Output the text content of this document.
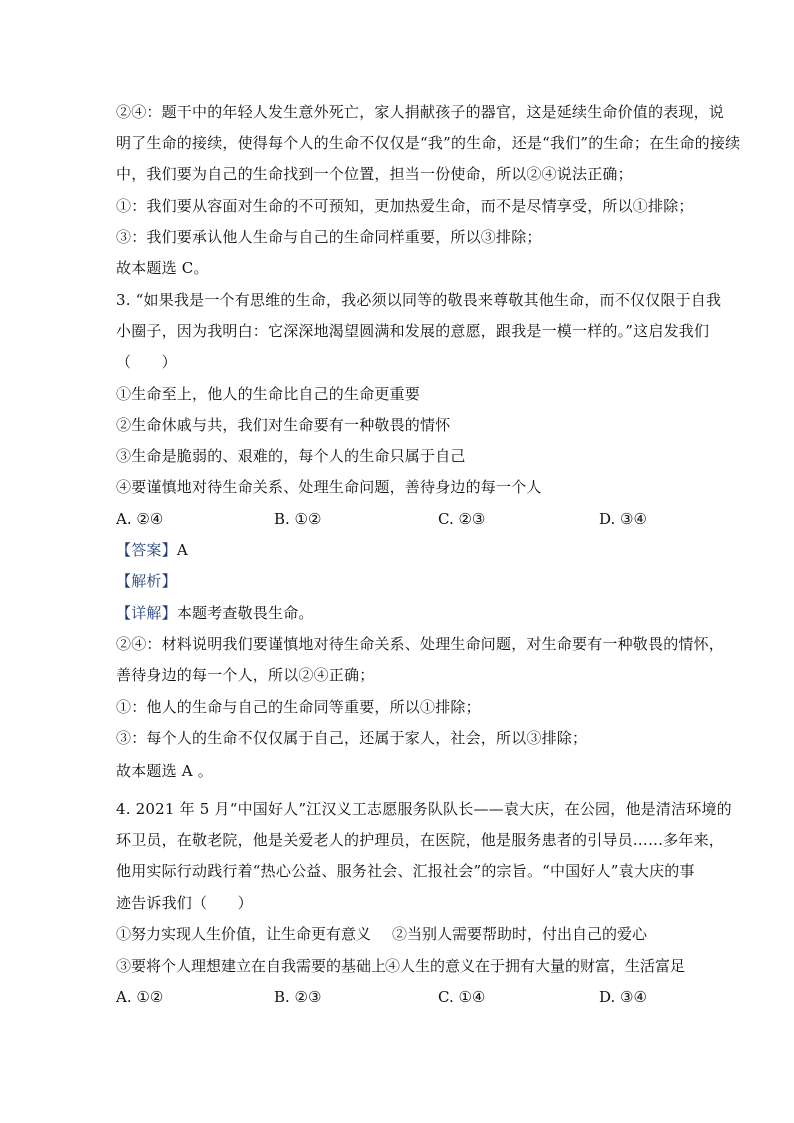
②④：题干中的年轻人发生意外死亡，家人捐献孩子的器官，这是延续生命价值的表现，说
明了生命的接续，使得每个人的生命不仅仅是“我”的生命，还是“我们”的生命；在生命的接续
中，我们要为自己的生命找到一个位置，担当一份使命，所以②④说法正确；
①：我们要从容面对生命的不可预知，更加热爱生命，而不是尽情享受，所以①排除；
③：我们要承认他人生命与自己的生命同样重要，所以③排除；
故本题选 C。
3. “如果我是一个有思维的生命，我必须以同等的敬畏来尊敬其他生命，而不仅仅限于自我
小圈子，因为我明白：它深深地渴望圆满和发展的意愿，跟我是一模一样的。”这启发我们
（　　）
①生命至上，他人的生命比自己的生命更重要
②生命休戚与共，我们对生命要有一种敬畏的情怀
③生命是脆弱的、艰难的，每个人的生命只属于自己
④要谨慎地对待生命关系、处理生命问题，善待身边的每一个人
A. ②④	B. ①②	C. ②③	D. ③④
【答案】A
【解析】
【详解】本题考查敬畏生命。
②④：材料说明我们要谨慎地对待生命关系、处理生命问题，对生命要有一种敬畏的情怀，
善待身边的每一个人，所以②④正确；
①：他人的生命与自己的生命同等重要，所以①排除；
③：每个人的生命不仅仅属于自己，还属于家人，社会，所以③排除；
故本题选 A 。
4. 2021 年 5 月“中国好人”江汉义工志愿服务队队长——袁大庆，在公园，他是清洁环境的
环卫员，在敬老院，他是关爱老人的护理员，在医院，他是服务患者的引导员……多年来，
他用实际行动践行着“热心公益、服务社会、汇报社会”的宗旨。“中国好人”袁大庆的事
迹告诉我们（　　）
①努力实现人生价值，让生命更有意义 ②当别人需要帮助时，付出自己的爱心
③要将个人理想建立在自我需要的基础上
④人生的意义在于拥有大量的财富，生活富足
A. ①②	B. ②③	C. ①④	D. ③④
